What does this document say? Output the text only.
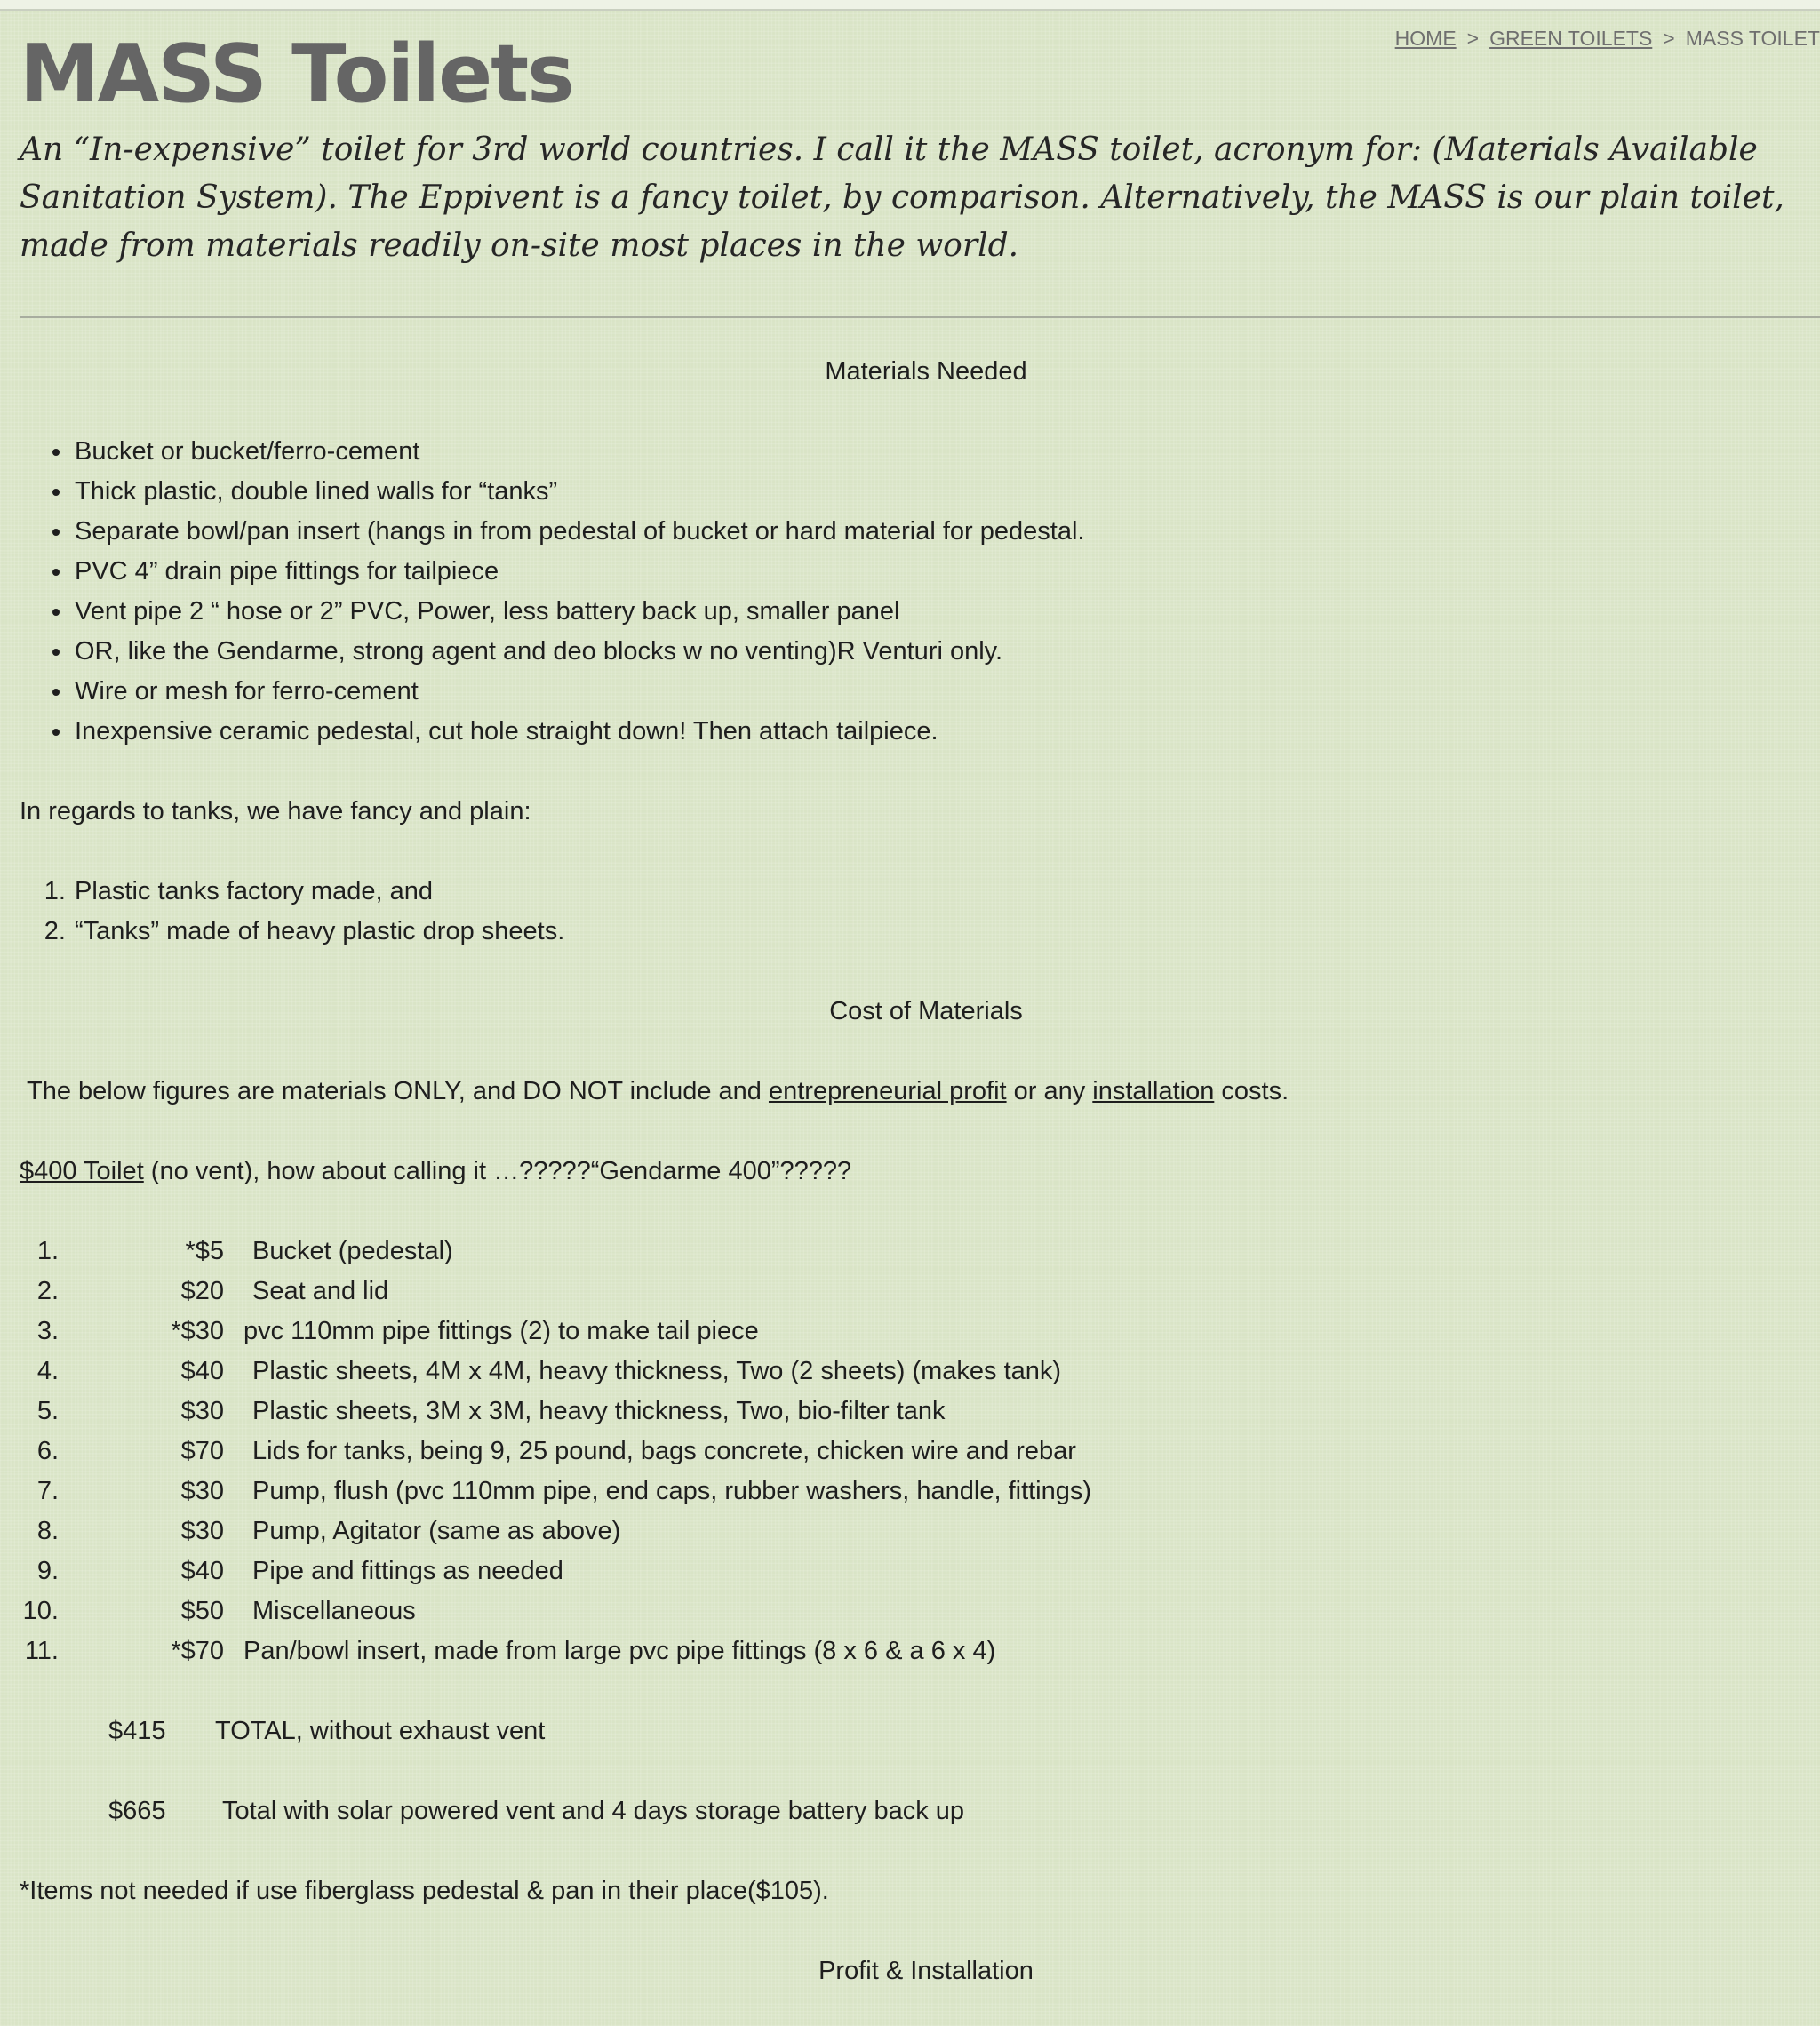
HOME > GREEN TOILETS > MASS TOILET
MASS Toilets

An “In-expensive” toilet for 3rd world countries. I call it the MASS toilet, acronym for: (Materials Available Sanitation System). The Eppivent is a fancy toilet, by comparison. Alternatively, the MASS is our plain toilet, made from materials readily on-site most places in the world.

Materials Needed

• Bucket or bucket/ferro-cement
• Thick plastic, double lined walls for “tanks”
• Separate bowl/pan insert (hangs in from pedestal of bucket or hard material for pedestal.
• PVC 4” drain pipe fittings for tailpiece
• Vent pipe 2 “ hose or 2” PVC, Power, less battery back up, smaller panel
• OR, like the Gendarme, strong agent and deo blocks w no venting)R Venturi only.
• Wire or mesh for ferro-cement
• Inexpensive ceramic pedestal, cut hole straight down! Then attach tailpiece.

In regards to tanks, we have fancy and plain:

1. Plastic tanks factory made, and
2. “Tanks” made of heavy plastic drop sheets.

Cost of Materials

The below figures are materials ONLY, and DO NOT include and entrepreneurial profit or any installation costs.

$400 Toilet (no vent), how about calling it …?????“Gendarme 400”?????

1.	*$5	Bucket (pedestal)
2.	$20	Seat and lid
3.	*$30 pvc 110mm pipe fittings (2) to make tail piece
4.	$40	Plastic sheets, 4M x 4M, heavy thickness, Two (2 sheets) (makes tank)
5.	$30	Plastic sheets, 3M x 3M, heavy thickness, Two, bio-filter tank
6.	$70	Lids for tanks, being 9, 25 pound, bags concrete, chicken wire and rebar
7.	$30	Pump, flush (pvc 110mm pipe, end caps, rubber washers, handle, fittings)
8.	$30	Pump, Agitator (same as above)
9.	$40	Pipe and fittings as needed
10.	$50	Miscellaneous
11.	*$70 Pan/bowl insert, made from large pvc pipe fittings (8 x 6 & a 6 x 4)
$415	TOTAL, without exhaust vent
$665	Total with solar powered vent and 4 days storage battery back up

*Items not needed if use fiberglass pedestal & pan in their place($105).

Profit & Installation
